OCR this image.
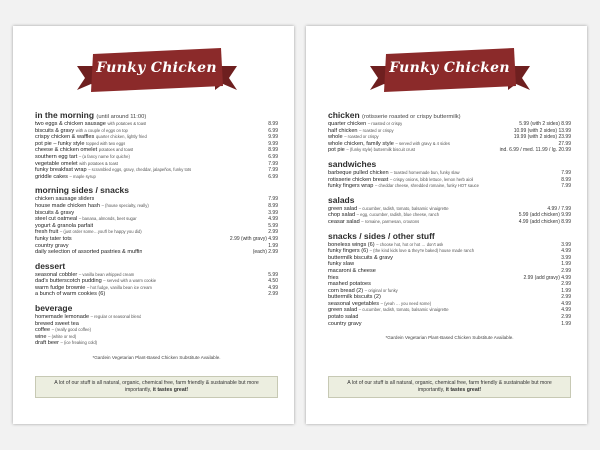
Funky Chicken
in the morning (until around 11:00)
two eggs & chicken sausage with potatoes & toast	8.99
biscuits & gravy with a couple of eggs on top	6.99
crispy chicken & waffles quarter chicken, lightly fried	9.99
pot pie – funky style topped with two eggs	9.99
cheese & chicken omelet potatoes and toast	8.99
southern egg tart – (a fancy name for quiche)	6.99
vegetable omelet with potatoes & toast	7.99
funky breakfast wrap – scrambled eggs, gravy, cheddar, jalapeños, funky tots	7.99
griddle cakes – maple syrup	6.99
morning sides / snacks
chicken sausage sliders	7.99
house made chicken hash – (house specialty, really)	8.99
biscuits & gravy	3.99
steel cut oatmeal – banana, almonds, beet sugar	4.99
yogurt & granola parfait	5.99
fresh fruit – (just order some…you'll be happy you did)	2.99
funky tater tots	2.99 (with gravy) 4.99
country gravy	1.99
daily selection of assorted pastries & muffin	(each) 2.99
dessert
seasonal cobbler – vanilla bean whipped cream	5.99
dad's butterscotch pudding – served with a warm cookie	4.50
warm fudge brownie – hot fudge, vanilla bean ice cream	4.99
a bunch of warm cookies (6)	2.99
beverage
homemade lemonade – regular or seasonal blend
brewed sweet tea
coffee – (really good coffee)
wine – (white or red)
draft beer – (ice freaking cold)
*Gardein Vegetarian Plant-Based Chicken Substitute Available.
A lot of our stuff is all natural, organic, chemical free, farm friendly & sustainable but more importantly, it tastes great!
Funky Chicken
chicken (rotisserie roasted or crispy buttermilk)
quarter chicken – roasted or crispy	5.99 (with 2 sides) 8.99
half chicken – roasted or crispy	10.99 (with 2 sides) 13.99
whole – roasted or crispy	19.99 (with 2 sides) 23.99
whole chicken, family style – served with gravy & 4 sides	27.99
pot pie – (funky style) buttermilk biscuit crust	ind. 6.99 / med. 11.99 / lg. 20.99
sandwiches
barbeque pulled chicken – toasted homemade bun, funky slaw	7.99
rotisserie chicken breast – crispy onions, bibb lettuce, lemon herb aioli	8.99
funky fingers wrap – cheddar cheese, shredded romaine, funky HOT sauce	7.99
salads
green salad – cucumber, radish, tomato, balsamic vinaigrette	4.99 / 7.99
chop salad – egg, cucumber, radish, blue cheese, ranch	5.99 (add chicken) 9.99
ceasar salad – romaine, parmesan, croutons	4.99 (add chicken) 8.99
snacks / sides / other stuff
boneless wings (6) – choose hot, hot or hot … don't ask	3.99
funky fingers (6) – (the kind kids love & they're baked) house made ranch	4.99
buttermilk biscuits & gravy	3.99
funky slaw	1.99
macaroni & cheese	2.99
fries	2.99 (add gravy) 4.99
mashed potatoes	2.99
corn bread (2) – original or funky	1.99
buttermilk biscuits (2)	2.99
seasonal vegetables – (yeah … you need some)	4.99
green salad – cucumber, radish, tomato, balsamic vinaigrette	4.99
potato salad	2.99
country gravy	1.99
*Gardein Vegetarian Plant-Based Chicken Substitute Available.
A lot of our stuff is all natural, organic, chemical free, farm friendly & sustainable but more importantly, it tastes great!
